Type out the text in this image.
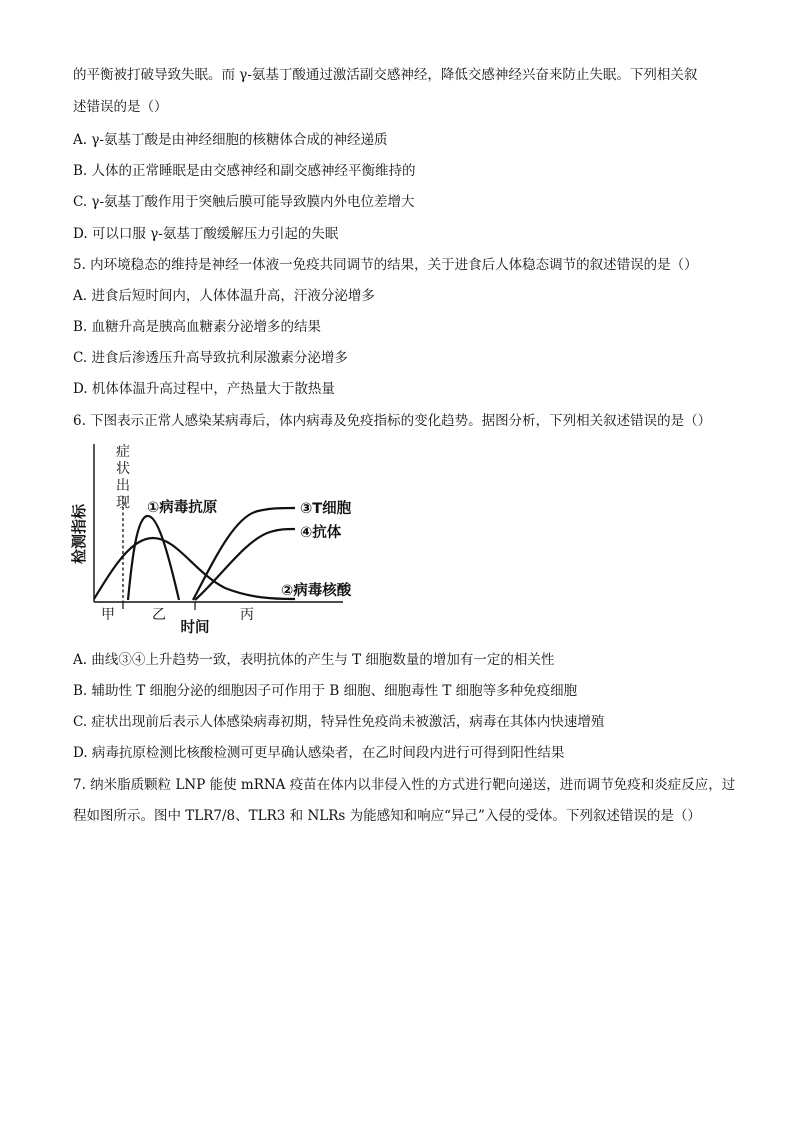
的平衡被打破导致失眠。而 γ-氨基丁酸通过激活副交感神经，降低交感神经兴奋来防止失眠。下列相关叙
述错误的是（）
A. γ-氨基丁酸是由神经细胞的核糖体合成的神经递质
B. 人体的正常睡眠是由交感神经和副交感神经平衡维持的
C. γ-氨基丁酸作用于突触后膜可能导致膜内外电位差增大
D. 可以口服 γ-氨基丁酸缓解压力引起的失眠
5. 内环境稳态的维持是神经一体液一免疫共同调节的结果，关于进食后人体稳态调节的叙述错误的是（）
A. 进食后短时间内，人体体温升高，汗液分泌增多
B. 血糖升高是胰高血糖素分泌增多的结果
C. 进食后渗透压升高导致抗利尿激素分泌增多
D. 机体体温升高过程中，产热量大于散热量
6. 下图表示正常人感染某病毒后，体内病毒及免疫指标的变化趋势。据图分析，下列相关叙述错误的是（）
检测指标
症
状
出
现 ①病毒抗原	③T细胞
④抗体
②病毒核酸
甲	乙	丙
时间
A. 曲线③④上升趋势一致，表明抗体的产生与 T 细胞数量的增加有一定的相关性
B. 辅助性 T 细胞分泌的细胞因子可作用于 B 细胞、细胞毒性 T 细胞等多种免疫细胞
C. 症状出现前后表示人体感染病毒初期，特异性免疫尚未被激活，病毒在其体内快速增殖
D. 病毒抗原检测比核酸检测可更早确认感染者，在乙时间段内进行可得到阳性结果
7. 纳米脂质颗粒 LNP 能使 mRNA 疫苗在体内以非侵入性的方式进行靶向递送，进而调节免疫和炎症反应，过
程如图所示。图中 TLR7/8、TLR3 和 NLRs 为能感知和响应“异己”入侵的受体。下列叙述错误的是（）
